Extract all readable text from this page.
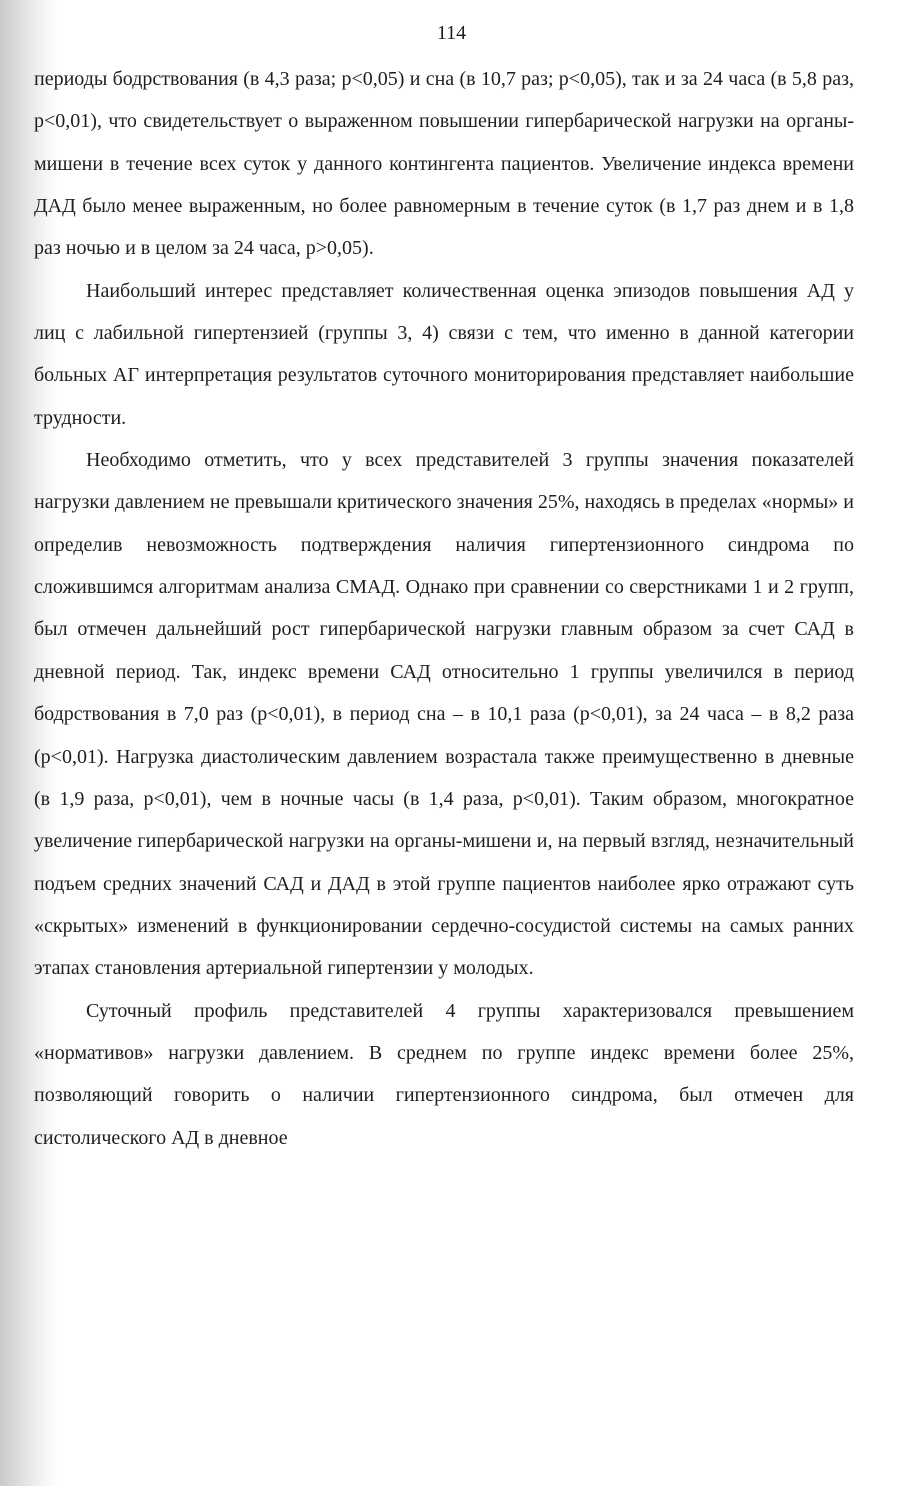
114

периоды бодрствования (в 4,3 раза; p<0,05) и сна (в 10,7 раз; p<0,05), так и за 24 часа (в 5,8 раз, p<0,01), что свидетельствует о выраженном повышении гипербарической нагрузки на органы-мишени в течение всех суток у данного контингента пациентов. Увеличение индекса времени ДАД было менее выраженным, но более равномерным в течение суток (в 1,7 раз днем и в 1,8 раз ночью и в целом за 24 часа, p>0,05).

Наибольший интерес представляет количественная оценка эпизодов повышения АД у лиц с лабильной гипертензией (группы 3, 4) связи с тем, что именно в данной категории больных АГ интерпретация результатов суточного мониторирования представляет наибольшие трудности.

Необходимо отметить, что у всех представителей 3 группы значения показателей нагрузки давлением не превышали критического значения 25%, находясь в пределах «нормы» и определив невозможность подтверждения наличия гипертензионного синдрома по сложившимся алгоритмам анализа СМАД. Однако при сравнении со сверстниками 1 и 2 групп, был отмечен дальнейший рост гипербарической нагрузки главным образом за счет САД в дневной период. Так, индекс времени САД относительно 1 группы увеличился в период бодрствования в 7,0 раз (p<0,01), в период сна – в 10,1 раза (p<0,01), за 24 часа – в 8,2 раза (p<0,01). Нагрузка диастолическим давлением возрастала также преимущественно в дневные (в 1,9 раза, p<0,01), чем в ночные часы (в 1,4 раза, p<0,01). Таким образом, многократное увеличение гипербарической нагрузки на органы-мишени и, на первый взгляд, незначительный подъем средних значений САД и ДАД в этой группе пациентов наиболее ярко отражают суть «скрытых» изменений в функционировании сердечно-сосудистой системы на самых ранних этапах становления артериальной гипертензии у молодых.

Суточный профиль представителей 4 группы характеризовался превышением «нормативов» нагрузки давлением. В среднем по группе индекс времени более 25%, позволяющий говорить о наличии гипертензионного синдрома, был отмечен для систолического АД в дневное
